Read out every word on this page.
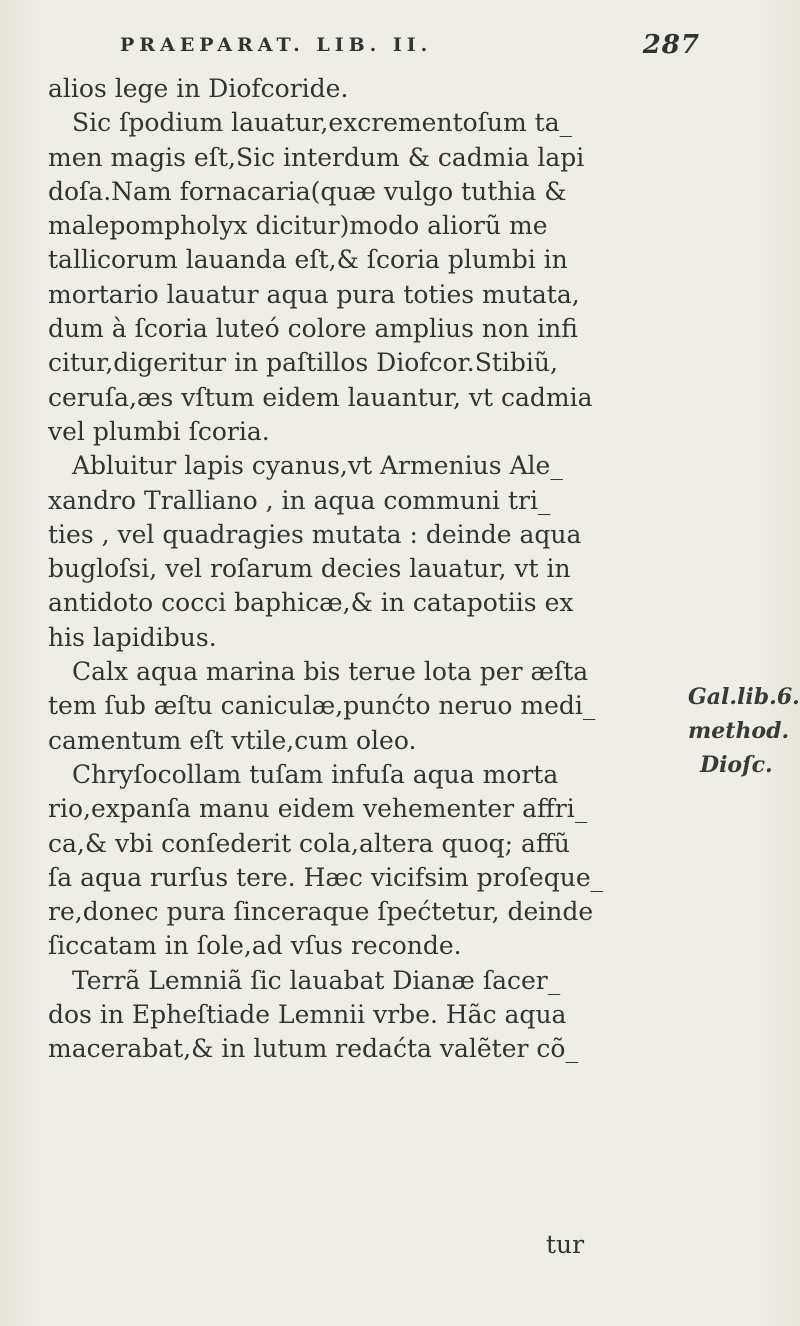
PRAEPARAT. LIB. II.	287
alios lege in Diofcoride.
Sic ſpodium lauatur,excrementoſum ta_
men magis eſt,Sic interdum & cadmia lapi
doſa.Nam fornacaria(quæ vulgo tuthia &
malepompholyx dicitur)modo aliorũ me
tallicorum lauanda eſt,& ſcoria plumbi in
mortario lauatur aqua pura toties mutata,
dum à ſcoria luteó colore amplius non infi
citur,digeritur in paſtillos Diofcor.Stibiũ,
ceruſa,æs vſtum eidem lauantur, vt cadmia
vel plumbi ſcoria.
Abluitur lapis cyanus,vt Armenius Ale_
xandro Tralliano , in aqua communi tri_
ties , vel quadragies mutata : deinde aqua
bugloſsi, vel roſarum decies lauatur, vt in
antidoto cocci baphicæ,& in catapotiis ex
his lapidibus.
Calx aqua marina bis terue lota per æſta
tem ſub æſtu caniculæ,punćto neruo medi_
camentum eſt vtile,cum oleo.
Chryſocollam tuſam infuſa aqua morta
rio,expanſa manu eidem vehementer affri_
ca,& vbi conſederit cola,altera quoq; affũ
ſa aqua rurſus tere. Hæc vicifsim proſeque_
re,donec pura ſinceraque ſpećtetur, deinde
ſiccatam in ſole,ad vſus reconde.
Terrã Lemniã ſic lauabat Dianæ ſacer_
dos in Epheſtiade Lemnii vrbe. Hãc aqua
macerabat,& in lutum redaćta valẽter cõ_
tur
Gal.lib.6.
method.
Dioſc.
